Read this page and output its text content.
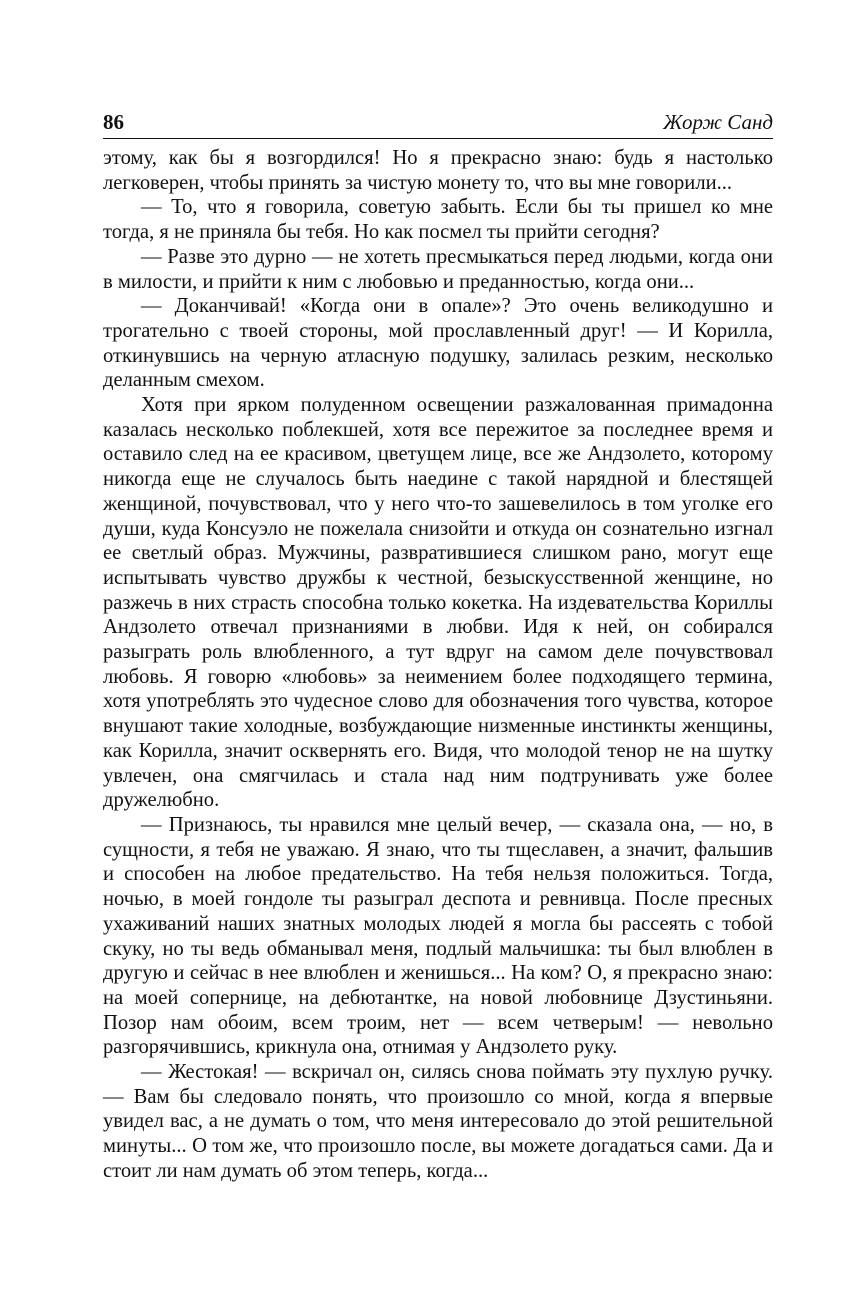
86	Жорж Санд

этому, как бы я возгордился! Но я прекрасно знаю: будь я настолько легковерен, чтобы принять за чистую монету то, что вы мне говорили...

— То, что я говорила, советую забыть. Если бы ты пришел ко мне тогда, я не приняла бы тебя. Но как посмел ты прийти сегодня?

— Разве это дурно — не хотеть пресмыкаться перед людьми, когда они в милости, и прийти к ним с любовью и преданностью, когда они...

— Доканчивай! «Когда они в опале»? Это очень великодушно и трогательно с твоей стороны, мой прославленный друг! — И Корилла, откинувшись на черную атласную подушку, залилась резким, несколько деланным смехом.

Хотя при ярком полуденном освещении разжалованная примадонна казалась несколько поблекшей, хотя все пережитое за последнее время и оставило след на ее красивом, цветущем лице, все же Андзолето, которому никогда еще не случалось быть наедине с такой нарядной и блестящей женщиной, почувствовал, что у него что-то зашевелилось в том уголке его души, куда Консуэло не пожелала снизойти и откуда он сознательно изгнал ее светлый образ. Мужчины, развратившиеся слишком рано, могут еще испытывать чувство дружбы к честной, безыскусственной женщине, но разжечь в них страсть способна только кокетка. На издевательства Кориллы Андзолето отвечал признаниями в любви. Идя к ней, он собирался разыграть роль влюбленного, а тут вдруг на самом деле почувствовал любовь. Я говорю «любовь» за неимением более подходящего термина, хотя употреблять это чудесное слово для обозначения того чувства, которое внушают такие холодные, возбуждающие низменные инстинкты женщины, как Корилла, значит осквернять его. Видя, что молодой тенор не на шутку увлечен, она смягчилась и стала над ним подтрунивать уже более дружелюбно.

— Признаюсь, ты нравился мне целый вечер, — сказала она, — но, в сущности, я тебя не уважаю. Я знаю, что ты тщеславен, а значит, фальшив и способен на любое предательство. На тебя нельзя положиться. Тогда, ночью, в моей гондоле ты разыграл деспота и ревнивца. После пресных ухаживаний наших знатных молодых людей я могла бы рассеять с тобой скуку, но ты ведь обманывал меня, подлый мальчишка: ты был влюблен в другую и сейчас в нее влюблен и женишься... На ком? О, я прекрасно знаю: на моей сопернице, на дебютантке, на новой любовнице Дзустиньяни. Позор нам обоим, всем троим, нет — всем четверым! — невольно разгорячившись, крикнула она, отнимая у Андзолето руку.

— Жестокая! — вскричал он, силясь снова поймать эту пухлую ручку. — Вам бы следовало понять, что произошло со мной, когда я впервые увидел вас, а не думать о том, что меня интересовало до этой решительной минуты... О том же, что произошло после, вы можете догадаться сами. Да и стоит ли нам думать об этом теперь, когда...
